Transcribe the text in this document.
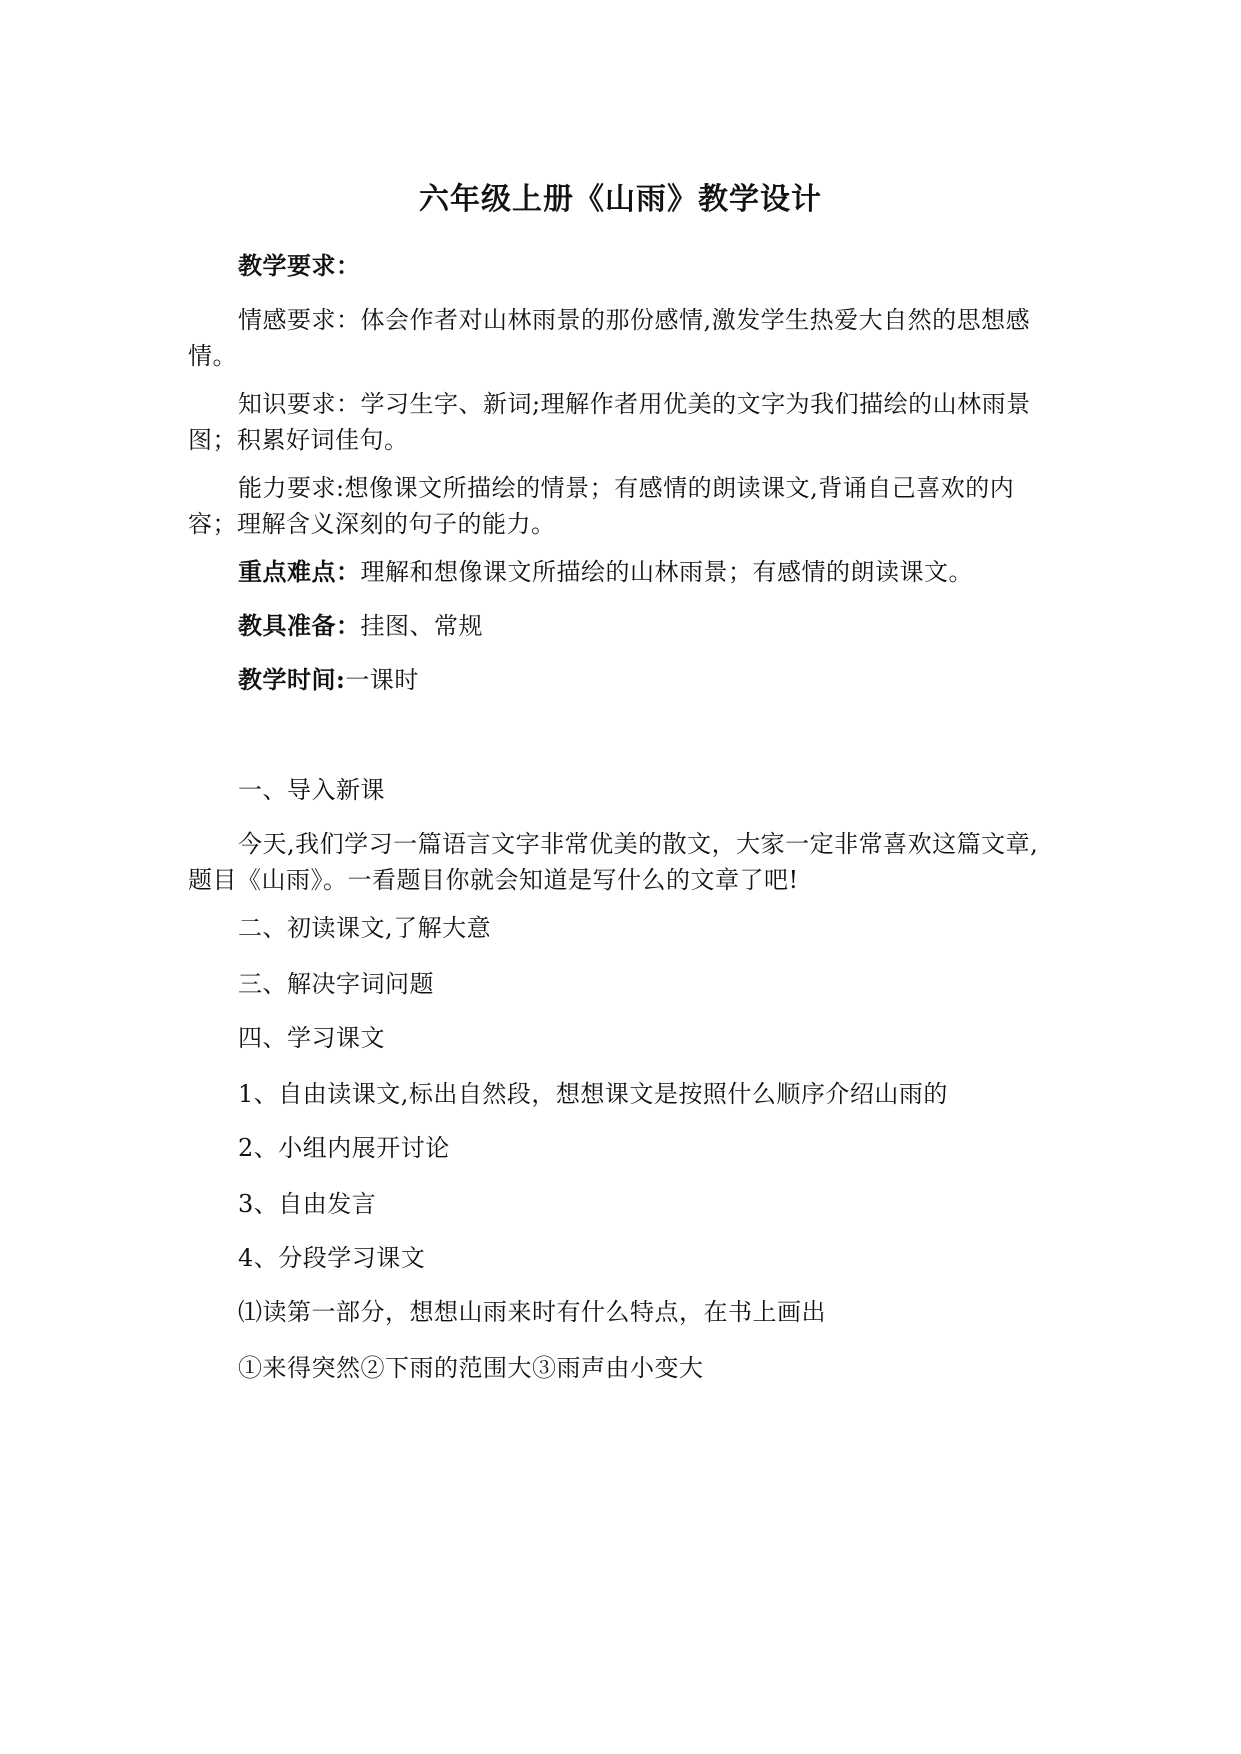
六年级上册《山雨》教学设计

教学要求：

情感要求：体会作者对山林雨景的那份感情,激发学生热爱大自然的思想感情。

知识要求：学习生字、新词;理解作者用优美的文字为我们描绘的山林雨景图；积累好词佳句。

能力要求:想像课文所描绘的情景；有感情的朗读课文,背诵自己喜欢的内容；理解含义深刻的句子的能力。

重点难点：理解和想像课文所描绘的山林雨景；有感情的朗读课文。

教具准备：挂图、常规

教学时间:一课时

一、导入新课

今天,我们学习一篇语言文字非常优美的散文，大家一定非常喜欢这篇文章,题目《山雨》。一看题目你就会知道是写什么的文章了吧!

二、初读课文,了解大意

三、解决字词问题

四、学习课文

1、自由读课文,标出自然段，想想课文是按照什么顺序介绍山雨的

2、小组内展开讨论

3、自由发言

4、分段学习课文

⑴读第一部分，想想山雨来时有什么特点，在书上画出

①来得突然②下雨的范围大③雨声由小变大
